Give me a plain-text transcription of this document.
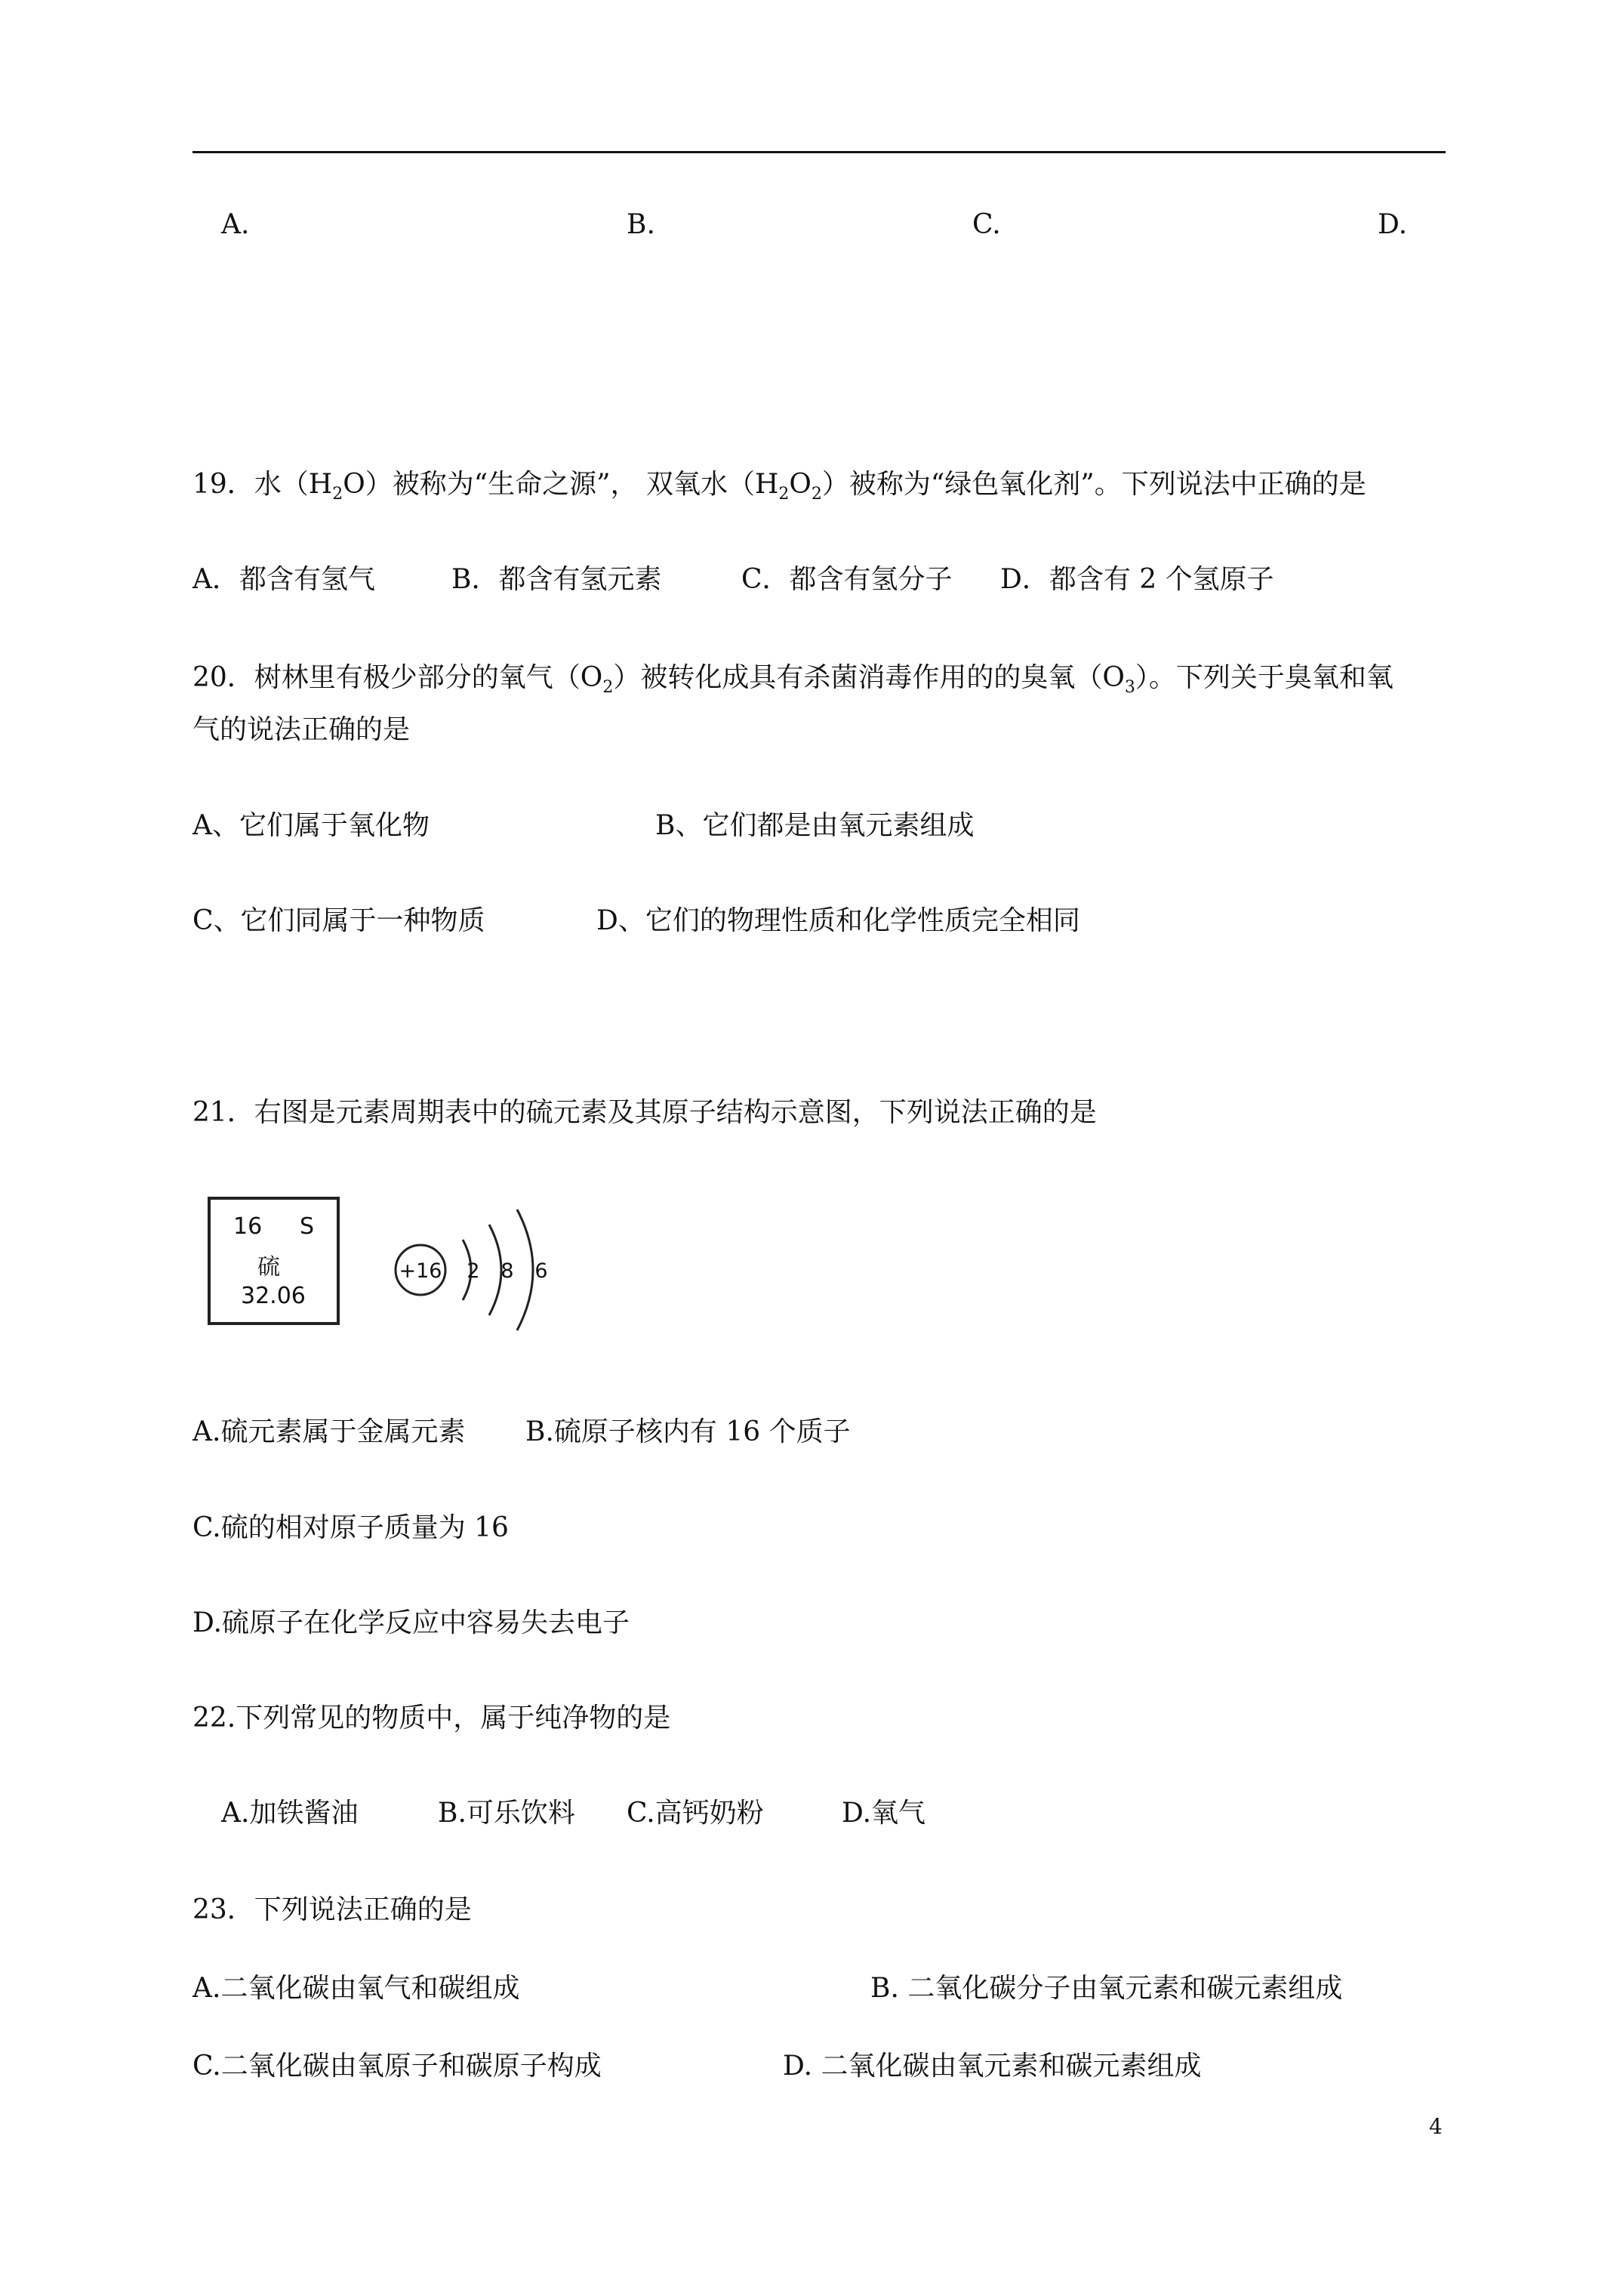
A.	B.	C.	D.
19．水$(H_2O)$被称为“生命之源”， 双氧水$(H_2O_2)$被称为“绿色氧化剂”。下列说法中正确的是
A．都含有氢气	B．都含有氢元素	C．都含有氢分子 D．都含有 2 个氢原子
20．树林里有极少部分的氧气$(O_2)$被转化成具有杀菌消毒作用的的臭氧$(O_3)$。下列关于臭氧和氧
气的说法正确的是
A、它们属于氧化物	B、它们都是由氧元素组成
C、它们同属于一种物质	D、它们的物理性质和化学性质完全相同
21．右图是元素周期表中的硫元素及其原子结构示意图，下列说法正确的是
16 S
硫
32.06
+16 2 8 6
A.硫元素属于金属元素 B.硫原子核内有 16 个质子
C.硫的相对原子质量为 16
D.硫原子在化学反应中容易失去电子
22.下列常见的物质中，属于纯净物的是
A.加铁酱油	B.可乐饮料 C.高钙奶粉	D.氧气
23．下列说法正确的是
A.二氧化碳由氧气和碳组成	B. 二氧化碳分子由氧元素和碳元素组成
C.二氧化碳由氧原子和碳原子构成	D. 二氧化碳由氧元素和碳元素组成
4
